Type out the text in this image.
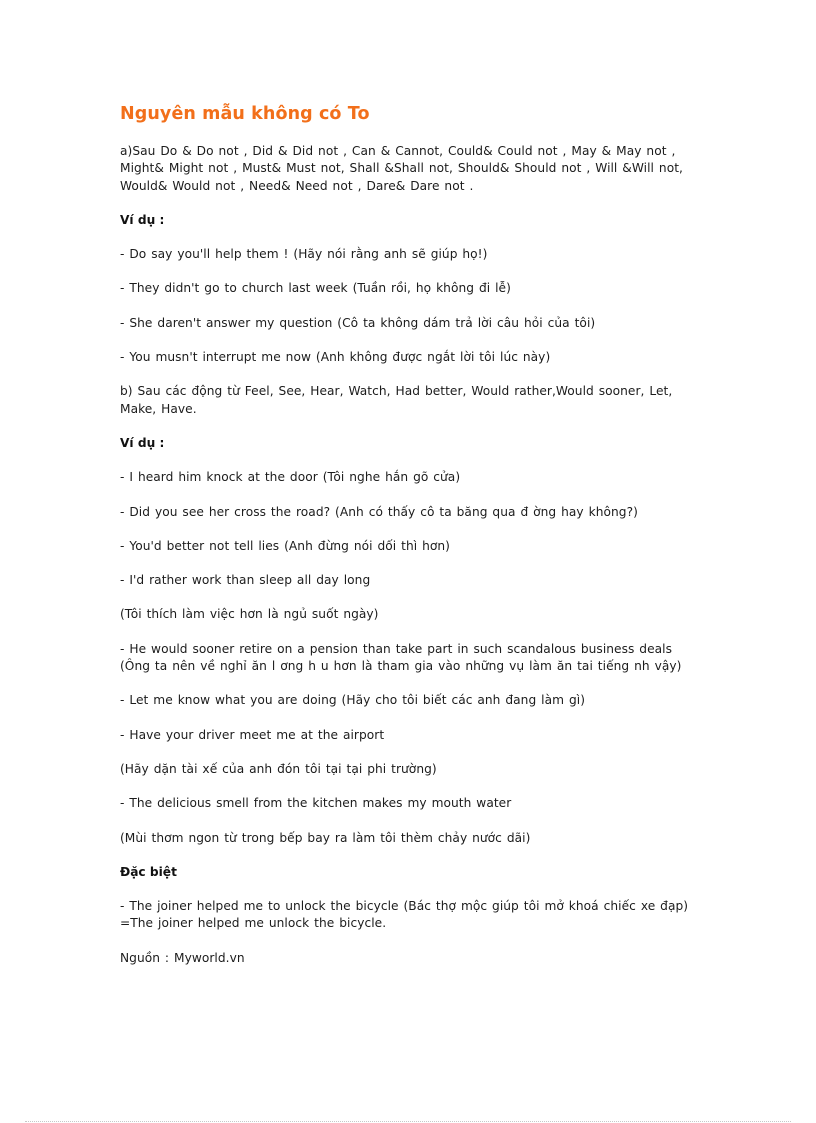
Nguyên mẫu không có To

a)Sau Do & Do not , Did & Did not , Can & Cannot, Could& Could not , May & May not , Might& Might not , Must& Must not, Shall &Shall not, Should& Should not , Will &Will not, Would& Would not , Need& Need not , Dare& Dare not .

Ví dụ :

- Do say you'll help them ! (Hãy nói rằng anh sẽ giúp họ!)

- They didn't go to church last week (Tuần rồi, họ không đi lễ)

- She daren't answer my question (Cô ta không dám trả lời câu hỏi của tôi)

- You musn't interrupt me now (Anh không được ngắt lời tôi lúc này)

b) Sau các động từ Feel, See, Hear, Watch, Had better, Would rather,Would sooner, Let, Make, Have.

Ví dụ :

- I heard him knock at the door (Tôi nghe hắn gõ cửa)

- Did you see her cross the road? (Anh có thấy cô ta băng qua đ ờng hay không?)

- You'd better not tell lies (Anh đừng nói dối thì hơn)

- I'd rather work than sleep all day long

(Tôi thích làm việc hơn là ngủ suốt ngày)

- He would sooner retire on a pension than take part in such scandalous business deals (Ông ta nên về nghỉ ăn l ơng h u hơn là tham gia vào những vụ làm ăn tai tiếng nh vậy)

- Let me know what you are doing (Hãy cho tôi biết các anh đang làm gì)

- Have your driver meet me at the airport

(Hãy dặn tài xế của anh đón tôi tại tại phi trường)

- The delicious smell from the kitchen makes my mouth water

(Mùi thơm ngon từ trong bếp bay ra làm tôi thèm chảy nước dãi)

Đặc biệt

- The joiner helped me to unlock the bicycle (Bác thợ mộc giúp tôi mở khoá chiếc xe đạp) =The joiner helped me unlock the bicycle.

Nguồn : Myworld.vn
